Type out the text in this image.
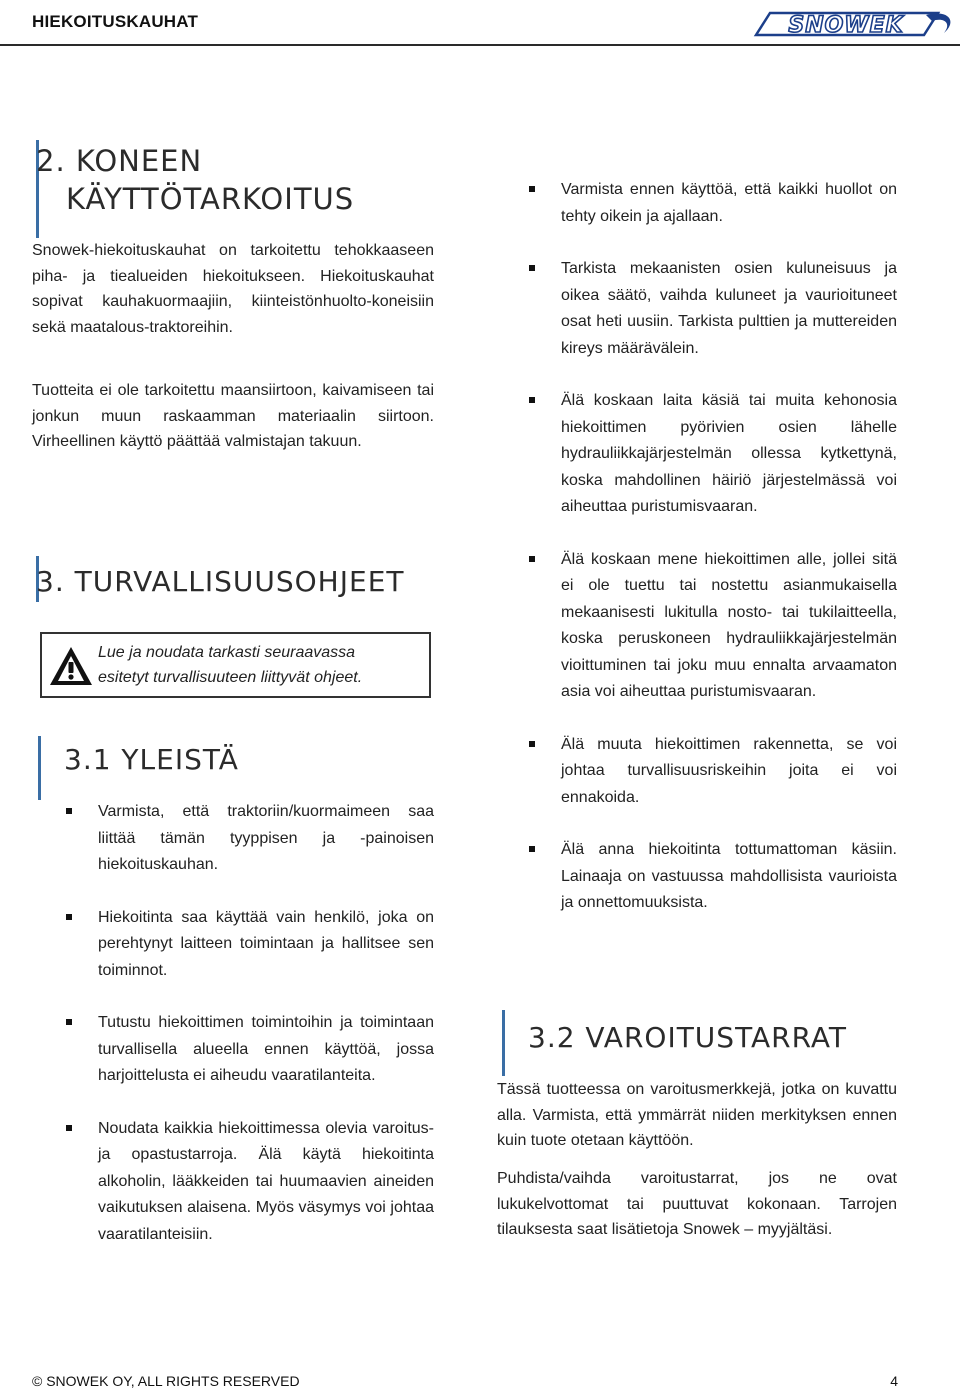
HIEKOITUSKAUHAT	SNOWEK
2. KONEEN
KÄYTTÖTARKOITUS
Snowek-hiekoituskauhat on tarkoitettu tehokkaaseen piha- ja tiealueiden hiekoitukseen. Hiekoituskauhat sopivat kauhakuormaajiin, kiinteistönhuolto-koneisiin sekä maatalous-traktoreihin.
Tuotteita ei ole tarkoitettu maansiirtoon, kaivamiseen tai jonkun muun raskaamman materiaalin siirtoon. Virheellinen käyttö päättää valmistajan takuun.
3. TURVALLISUUSOHJEET
Lue ja noudata tarkasti seuraavassa
esitetyt turvallisuuteen liittyvät ohjeet.
3.1 YLEISTÄ
Varmista, että traktoriin/kuormaimeen saa liittää tämän tyyppisen ja -painoisen hiekoituskauhan.
Hiekoitinta saa käyttää vain henkilö, joka on perehtynyt laitteen toimintaan ja hallitsee sen toiminnot.
Tutustu hiekoittimen toimintoihin ja toimintaan turvallisella alueella ennen käyttöä, jossa harjoittelusta ei aiheudu vaaratilanteita.
Noudata kaikkia hiekoittimessa olevia varoitus- ja opastustarroja. Älä käytä hiekoitinta alkoholin, lääkkeiden tai huumaavien aineiden vaikutuksen alaisena. Myös väsymys voi johtaa vaaratilanteisiin.
Varmista ennen käyttöä, että kaikki huollot on tehty oikein ja ajallaan.
Tarkista mekaanisten osien kuluneisuus ja oikea säätö, vaihda kuluneet ja vaurioituneet osat heti uusiin. Tarkista pulttien ja muttereiden kireys määrävälein.
Älä koskaan laita käsiä tai muita kehonosia hiekoittimen pyörivien osien lähelle hydrauliikkajärjestelmän ollessa kytkettynä, koska mahdollinen häiriö järjestelmässä voi aiheuttaa puristumisvaaran.
Älä koskaan mene hiekoittimen alle, jollei sitä ei ole tuettu tai nostettu asianmukaisella mekaanisesti lukitulla nosto- tai tukilaitteella, koska peruskoneen hydrauliikkajärjestelmän vioittuminen tai joku muu ennalta arvaamaton asia voi aiheuttaa puristumisvaaran.
Älä muuta hiekoittimen rakennetta, se voi johtaa turvallisuusriskeihin joita ei voi ennakoida.
Älä anna hiekoitinta tottumattoman käsiin. Lainaaja on vastuussa mahdollisista vaurioista ja onnettomuuksista.
3.2 VAROITUSTARRAT
Tässä tuotteessa on varoitusmerkkejä, jotka on kuvattu alla. Varmista, että ymmärrät niiden merkityksen ennen kuin tuote otetaan käyttöön.
Puhdista/vaihda varoitustarrat, jos ne ovat lukukelvottomat tai puuttuvat kokonaan. Tarrojen tilauksesta saat lisätietoja Snowek – myyjältäsi.
© SNOWEK OY, ALL RIGHTS RESERVED	4
